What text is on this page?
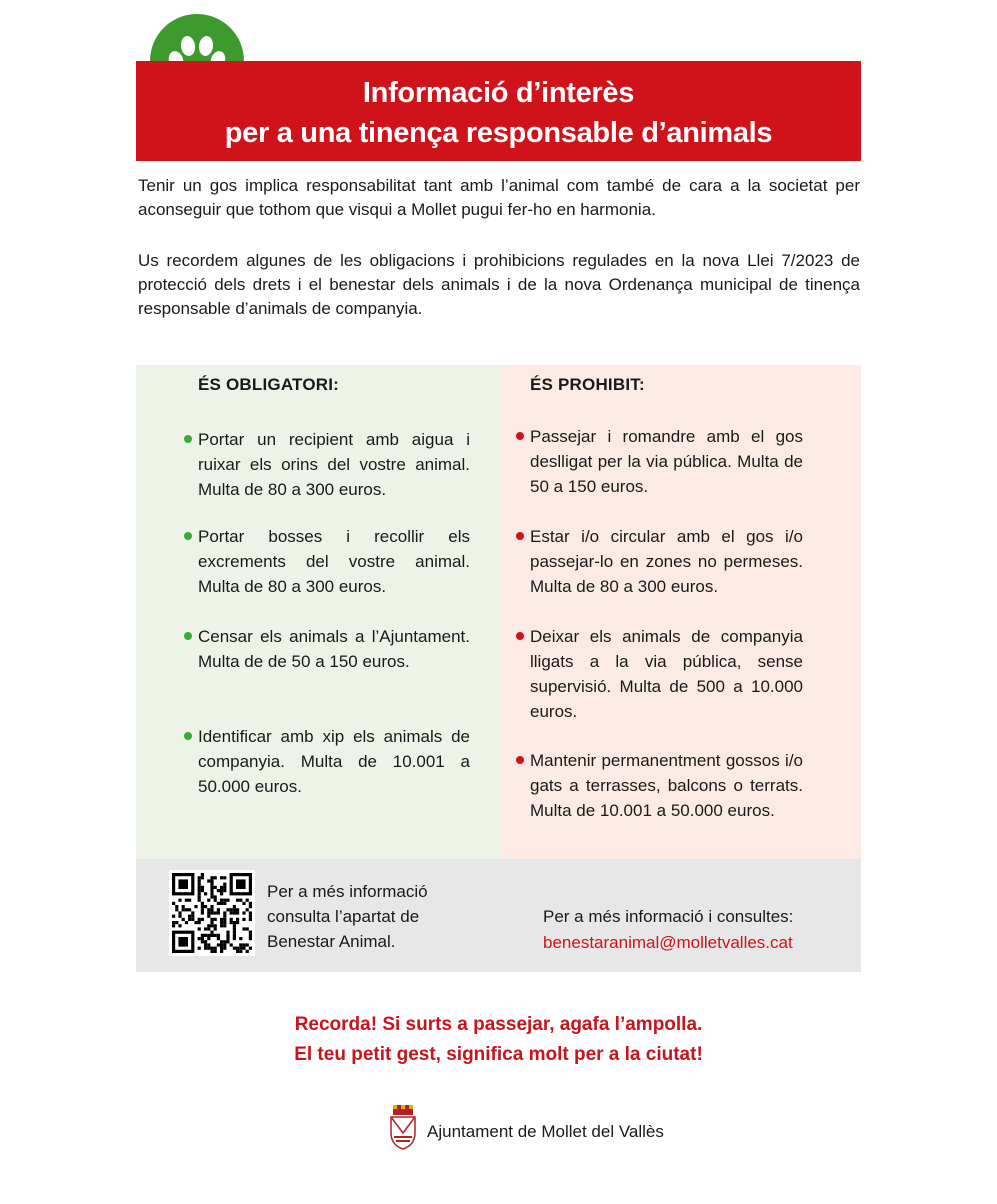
Informació d’interès
per a una tinença responsable d’animals

Tenir un gos implica responsabilitat tant amb l’animal com també de cara a la societat per aconseguir que tothom que visqui a Mollet pugui fer-ho en harmonia.

Us recordem algunes de les obligacions i prohibicions regulades en la nova Llei 7/2023 de protecció dels drets i el benestar dels animals i de la nova Ordenança municipal de tinença responsable d’animals de companyia.

ÉS OBLIGATORI:
Portar un recipient amb aigua i ruixar els orins del vostre animal. Multa de 80 a 300 euros.
Portar bosses i recollir els excrements del vostre animal. Multa de 80 a 300 euros.
Censar els animals a l’Ajuntament. Multa de de 50 a 150 euros.
Identificar amb xip els animals de companyia. Multa de 10.001 a 50.000 euros.
ÉS PROHIBIT:
Passejar i romandre amb el gos deslligat per la via pública. Multa de 50 a 150 euros.
Estar i/o circular amb el gos i/o passejar-lo en zones no permeses. Multa de 80 a 300 euros.
Deixar els animals de companyia lligats a la via pública, sense supervisió. Multa de 500 a 10.000 euros.
Mantenir permanentment gossos i/o gats a terrasses, balcons o terrats. Multa de 10.001 a 50.000 euros.
Per a més informació
consulta l’apartat de
Benestar Animal.
Per a més informació i consultes:
benestaranimal@molletvalles.cat
Recorda! Si surts a passejar, agafa l’ampolla.
El teu petit gest, significa molt per a la ciutat!
Ajuntament de Mollet del Vallès
